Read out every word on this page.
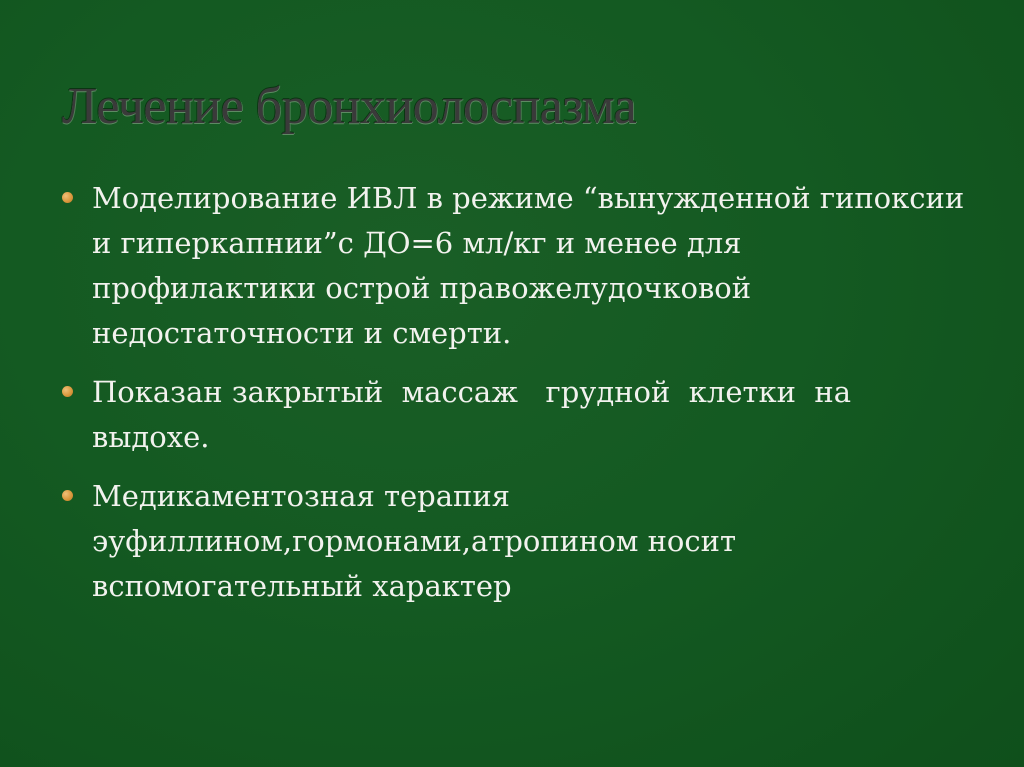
Лечение бронхиолоспазма
Моделирование ИВЛ в режиме “вынужденной гипоксии и гиперкапнии”с ДО=6 мл/кг и менее для профилактики острой правожелудочковой недостаточности и смерти.
Показан закрытый  массаж   грудной  клетки  на выдохе.
Медикаментозная терапия эуфиллином,гормонами,атропином носит вспомогательный характер
